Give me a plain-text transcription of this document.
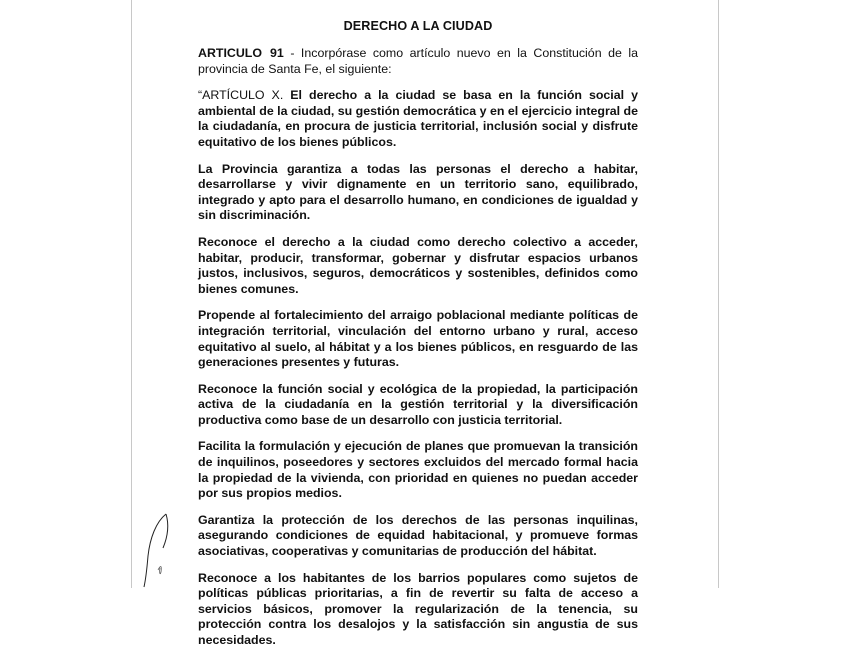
DERECHO A LA CIUDAD

ARTICULO 91 - Incorpórase como artículo nuevo en la Constitución de la provincia de Santa Fe, el siguiente:

“ARTÍCULO X. El derecho a la ciudad se basa en la función social y ambiental de la ciudad, su gestión democrática y en el ejercicio integral de la ciudadanía, en procura de justicia territorial, inclusión social y disfrute equitativo de los bienes públicos.

La Provincia garantiza a todas las personas el derecho a habitar, desarrollarse y vivir dignamente en un territorio sano, equilibrado, integrado y apto para el desarrollo humano, en condiciones de igualdad y sin discriminación.

Reconoce el derecho a la ciudad como derecho colectivo a acceder, habitar, producir, transformar, gobernar y disfrutar espacios urbanos justos, inclusivos, seguros, democráticos y sostenibles, definidos como bienes comunes.

Propende al fortalecimiento del arraigo poblacional mediante políticas de integración territorial, vinculación del entorno urbano y rural, acceso equitativo al suelo, al hábitat y a los bienes públicos, en resguardo de las generaciones presentes y futuras.

Reconoce la función social y ecológica de la propiedad, la participación activa de la ciudadanía en la gestión territorial y la diversificación productiva como base de un desarrollo con justicia territorial.

Facilita la formulación y ejecución de planes que promuevan la transición de inquilinos, poseedores y sectores excluidos del mercado formal hacia la propiedad de la vivienda, con prioridad en quienes no puedan acceder por sus propios medios.

Garantiza la protección de los derechos de las personas inquilinas, asegurando condiciones de equidad habitacional, y promueve formas asociativas, cooperativas y comunitarias de producción del hábitat.

Reconoce a los habitantes de los barrios populares como sujetos de políticas públicas prioritarias, a fin de revertir su falta de acceso a servicios básicos, promover la regularización de la tenencia, su protección contra los desalojos y la satisfacción sin angustia de sus necesidades.
